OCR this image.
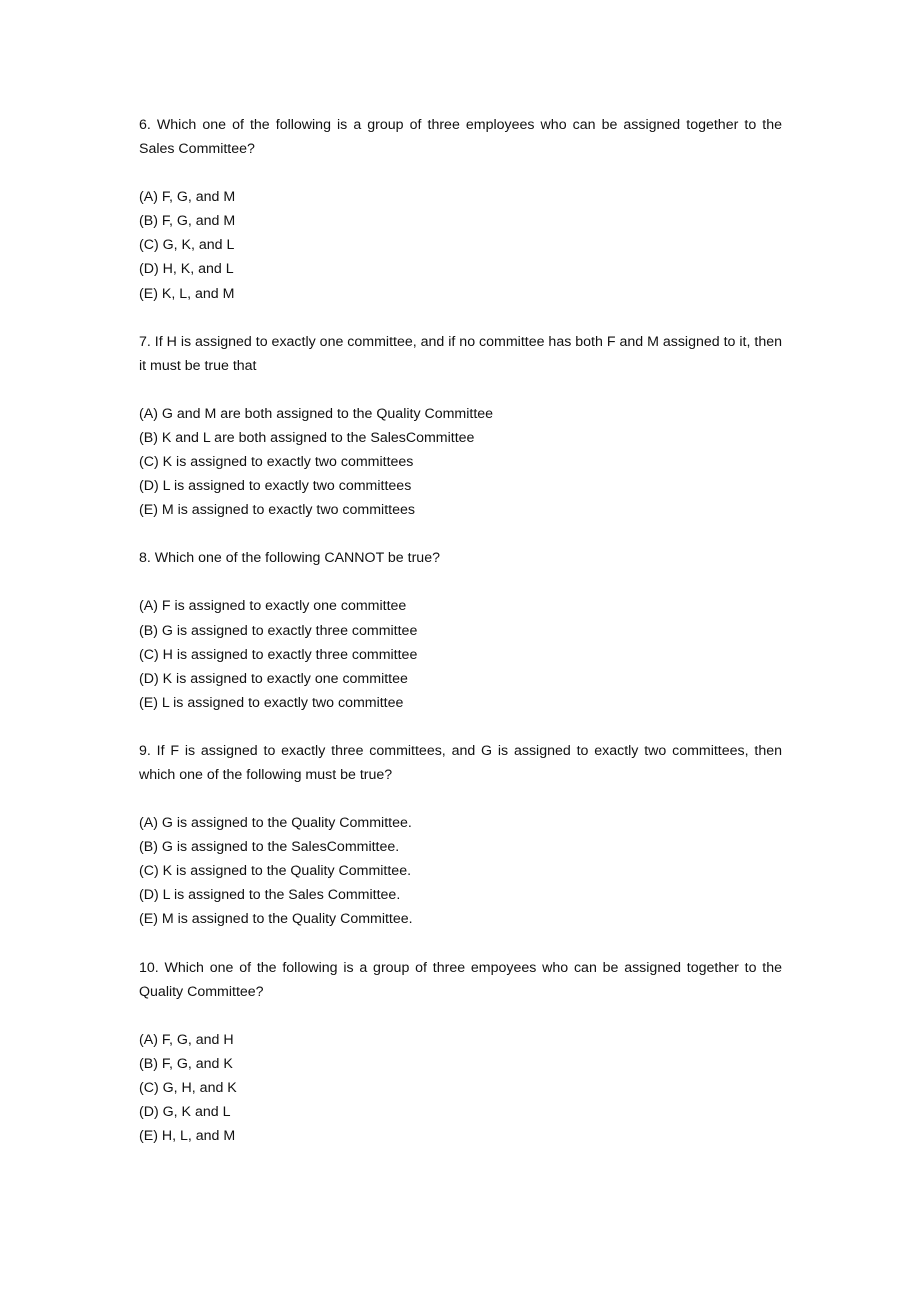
6. Which one of the following is a group of three employees who can be assigned together to the Sales Committee?

(A) F, G, and M
(B) F, G, and M
(C) G, K, and L
(D) H, K, and L
(E) K, L, and M

7. If H is assigned to exactly one committee, and if no committee has both F and M assigned to it, then it must be true that

(A) G and M are both assigned to the Quality Committee
(B) K and L are both assigned to the SalesCommittee
(C) K is assigned to exactly two committees
(D) L is assigned to exactly two committees
(E) M is assigned to exactly two committees

8. Which one of the following CANNOT be true?

(A) F is assigned to exactly one committee
(B) G is assigned to exactly three committee
(C) H is assigned to exactly three committee
(D) K is assigned to exactly one committee
(E) L is assigned to exactly two committee

9. If F is assigned to exactly three committees, and G is assigned to exactly two committees, then which one of the following must be true?

(A) G is assigned to the Quality Committee.
(B) G is assigned to the SalesCommittee.
(C) K is assigned to the Quality Committee.
(D) L is assigned to the Sales Committee.
(E) M is assigned to the Quality Committee.

10. Which one of the following is a group of three empoyees who can be assigned together to the Quality Committee?

(A) F, G, and H
(B) F, G, and K
(C) G, H, and K
(D) G, K and L
(E) H, L, and M
